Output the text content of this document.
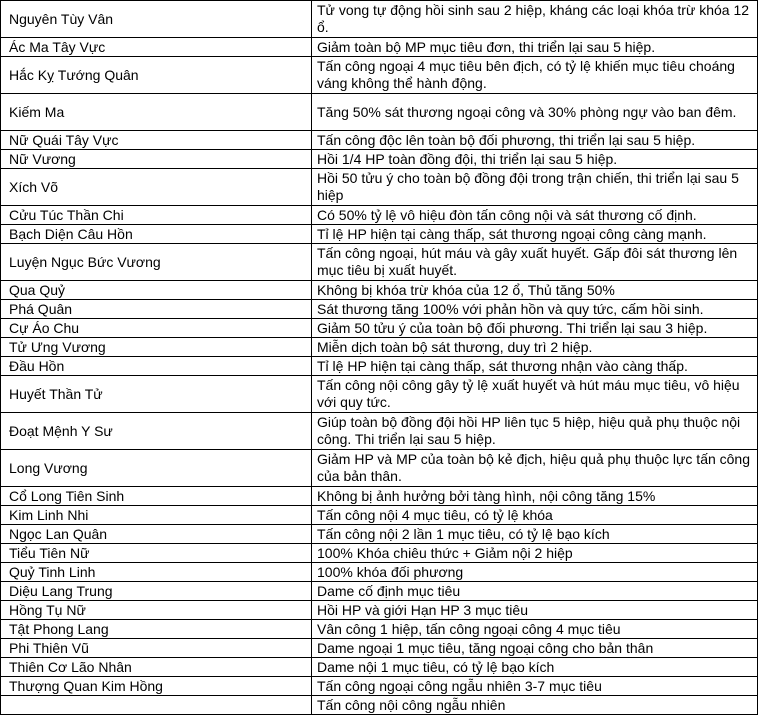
Nguyên Tùy Vân	Tử vong tự động hồi sinh sau 2 hiệp, kháng các loại khóa trừ khóa 12 ổ.
Ác Ma Tây Vực	Giảm toàn bộ MP mục tiêu đơn, thi triển lại sau 5 hiệp.
Hắc Kỵ Tướng Quân	Tấn công ngoại 4 mục tiêu bên địch, có tỷ lệ khiến mục tiêu choáng váng không thể hành động.
Kiếm Ma	Tăng 50% sát thương ngoại công và 30% phòng ngự vào ban đêm.
Nữ Quái Tây Vực	Tấn công độc lên toàn bộ đối phương, thi triển lại sau 5 hiệp.
Nữ Vương	Hồi 1/4 HP toàn đồng đội, thi triển lại sau 5 hiệp.
Xích Võ	Hồi 50 tửu ý cho toàn bộ đồng đội trong trận chiến, thi triển lại sau 5 hiệp
Cửu Túc Thần Chi	Có 50% tỷ lệ vô hiệu đòn tấn công nội và sát thương cố định.
Bạch Diện Câu Hồn	Tỉ lệ HP hiện tại càng thấp, sát thương ngoại công càng mạnh.
Luyện Ngục Bức Vương	Tấn công ngoại, hút máu và gây xuất huyết. Gấp đôi sát thương lên mục tiêu bị xuất huyết.
Qua Quỷ	Không bị khóa trừ khóa của 12 ổ, Thủ tăng 50%
Phá Quân	Sát thương tăng 100% với phản hồn và quy tức, cấm hồi sinh.
Cự Áo Chu	Giảm 50 tửu ý của toàn bộ đối phương. Thi triển lại sau 3 hiệp.
Tử Ưng Vương	Miễn dịch toàn bộ sát thương, duy trì 2 hiệp.
Đầu Hồn	Tỉ lệ HP hiện tại càng thấp, sát thương nhận vào càng thấp.
Huyết Thần Tử	Tấn công nội công gây tỷ lệ xuất huyết và hút máu mục tiêu, vô hiệu với quy tức.
Đoạt Mệnh Y Sư	Giúp toàn bộ đồng đội hồi HP liên tục 5 hiệp, hiệu quả phụ thuộc nội công. Thi triển lại sau 5 hiệp.
Long Vương	Giảm HP và MP của toàn bộ kẻ địch, hiệu quả phụ thuộc lực tấn công của bản thân.
Cổ Long Tiên Sinh	Không bị ảnh hưởng bởi tàng hình, nội công tăng 15%
Kim Linh Nhi	Tấn công nội 4 mục tiêu, có tỷ lệ khóa
Ngọc Lan Quân	Tấn công nội 2 lần 1 mục tiêu, có tỷ lệ bạo kích
Tiểu Tiên Nữ	100% Khóa chiêu thức + Giảm nội 2 hiệp
Quỷ Tinh Linh	100% khóa đối phương
Diệu Lang Trung	Dame cố định mục tiêu
Hồng Tụ Nữ	Hồi HP và giới Hạn HP 3 mục tiêu
Tật Phong Lang	Vân công 1 hiệp, tấn công ngoại công 4 mục tiêu
Phi Thiên Vũ	Dame ngoại 1 mục tiêu, tăng ngoại công cho bản thân
Thiên Cơ Lão Nhân	Dame nội 1 mục tiêu, có tỷ lệ bạo kích
Thượng Quan Kim Hồng	Tấn công ngoại công ngẫu nhiên 3-7 mục tiêu
	Tấn công nội công ngẫu nhiên
